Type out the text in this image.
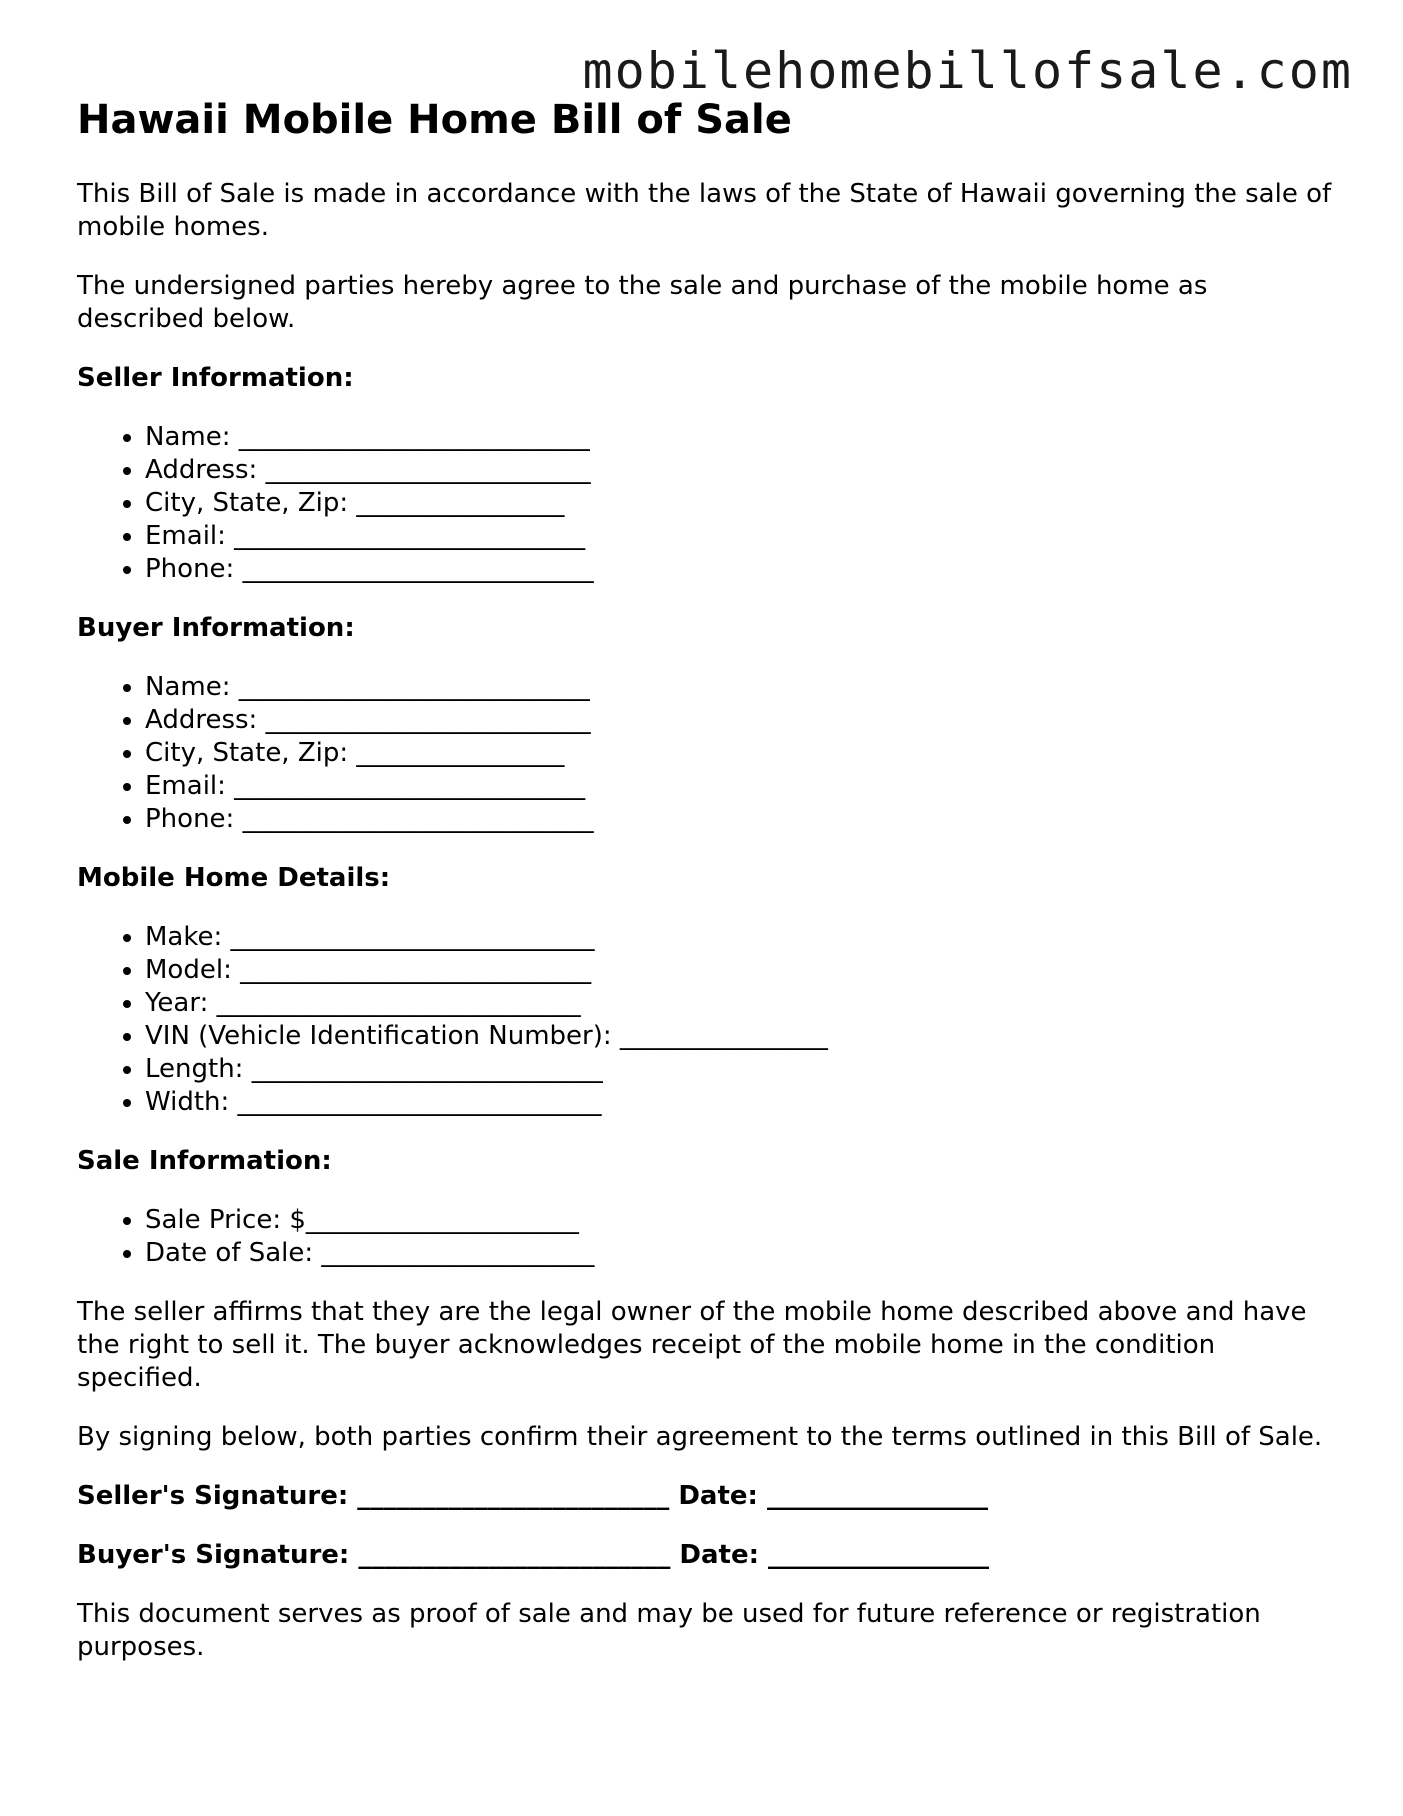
mobilehomebillofsale.com
Hawaii Mobile Home Bill of Sale

This Bill of Sale is made in accordance with the laws of the State of Hawaii governing the sale of mobile homes.

The undersigned parties hereby agree to the sale and purchase of the mobile home as described below.

Seller Information:
• Name: ___________________________
• Address: _________________________
• City, State, Zip: ________________
• Email: ___________________________
• Phone: ___________________________
Buyer Information:
• Name: ___________________________
• Address: _________________________
• City, State, Zip: ________________
• Email: ___________________________
• Phone: ___________________________
Mobile Home Details:
• Make: ____________________________
• Model: ___________________________
• Year: ____________________________
• VIN (Vehicle Identification Number): ________________
• Length: ___________________________
• Width: ____________________________
Sale Information:
• Sale Price: $_____________________
• Date of Sale: _____________________

The seller affirms that they are the legal owner of the mobile home described above and have the right to sell it. The buyer acknowledges receipt of the mobile home in the condition specified.

By signing below, both parties confirm their agreement to the terms outlined in this Bill of Sale.

Seller's Signature: ________________________ Date: _________________
Buyer's Signature: ________________________ Date: _________________

This document serves as proof of sale and may be used for future reference or registration purposes.
